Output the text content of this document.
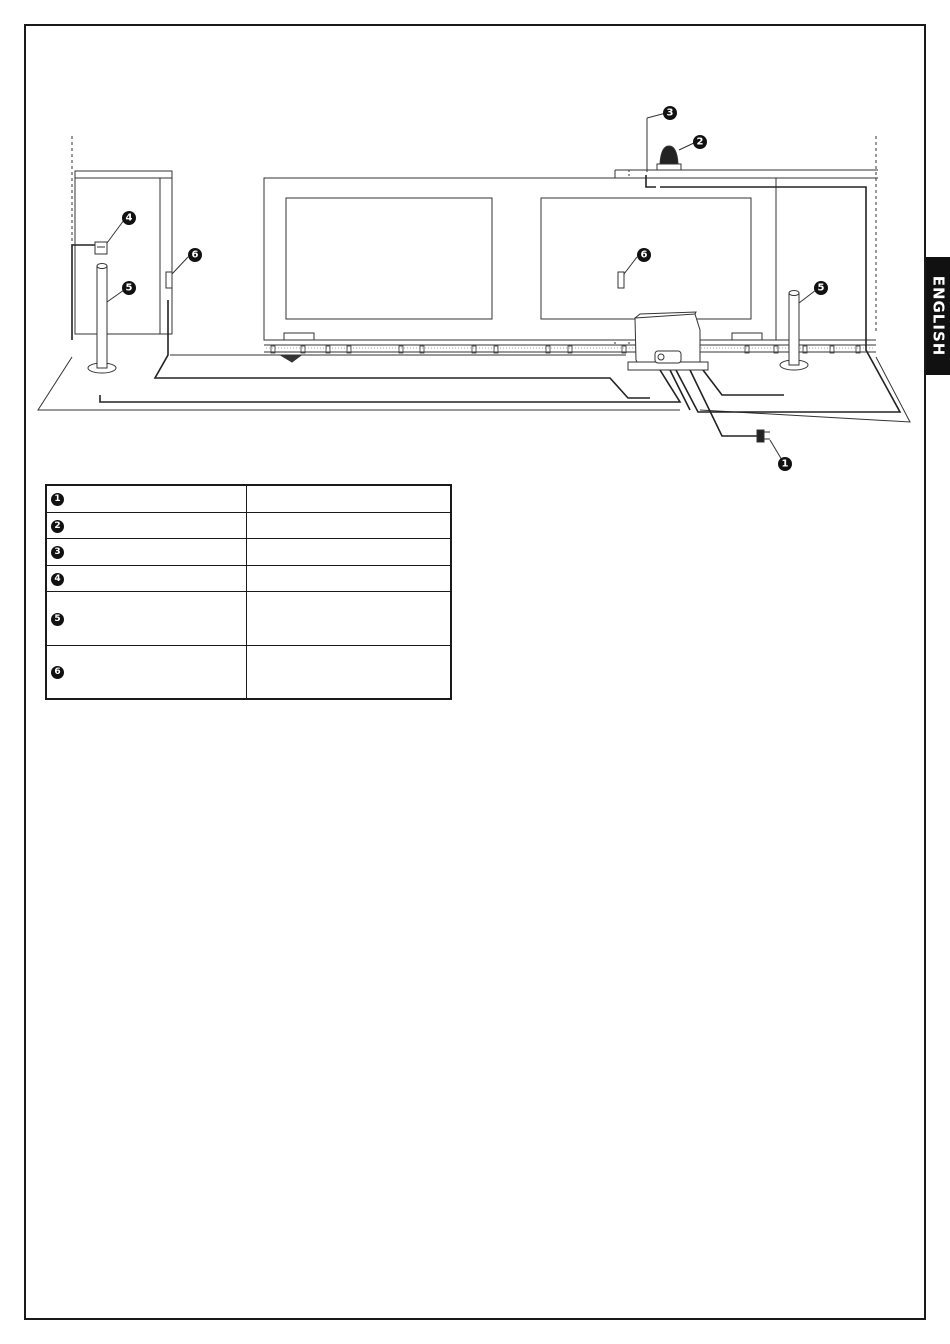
ENGLISH
1
2
3
4
5	5
6	6
1	
2	
3	
4	
5	
6	
